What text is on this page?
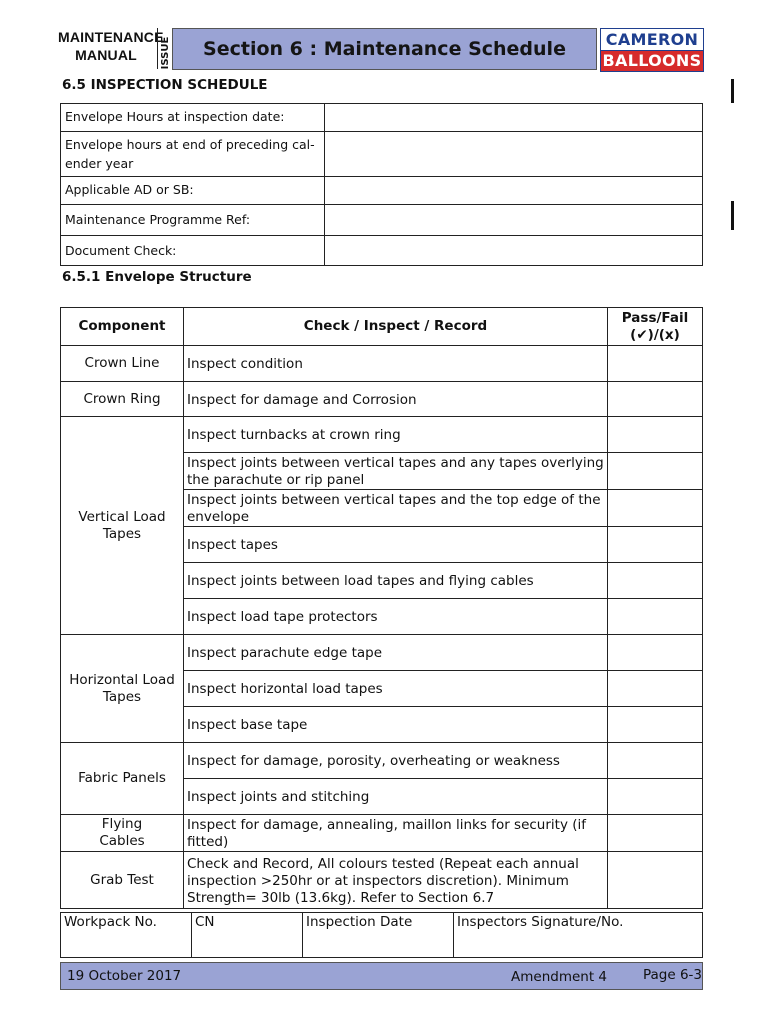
MAINTENANCE
MANUAL	ISSUE	Section 6 : Maintenance Schedule	CAMERON
BALLOONS
6.5 INSPECTION SCHEDULE
Envelope Hours at inspection date:	
Envelope hours at end of preceding cal-
ender year	
Applicable AD or SB:	
Maintenance Programme Ref:	
Document Check:	
6.5.1 Envelope Structure
Component	Check / Inspect / Record	Pass/Fail
(✔)/(x)
Crown Line	Inspect condition	
Crown Ring	Inspect for damage and Corrosion	
Vertical Load Tapes	Inspect turnbacks at crown ring	
	Inspect joints between vertical tapes and any tapes overlying the parachute or rip panel	
	Inspect joints between vertical tapes and the top edge of the envelope	
	Inspect tapes	
	Inspect joints between load tapes and flying cables	
	Inspect load tape protectors	
Horizontal Load Tapes	Inspect parachute edge tape	
	Inspect horizontal load tapes	
	Inspect base tape	
Fabric Panels	Inspect for damage, porosity, overheating or weakness	
	Inspect joints and stitching	
Flying Cables	Inspect for damage, annealing, maillon links for security (if fitted)	
Grab Test	Check and Record, All colours tested (Repeat each annual inspection >250hr or at inspectors discretion). Minimum Strength= 30lb (13.6kg). Refer to Section 6.7	
Workpack No.	CN	Inspection Date	Inspectors Signature/No.
19 October 2017	Amendment 4	Page 6-3
